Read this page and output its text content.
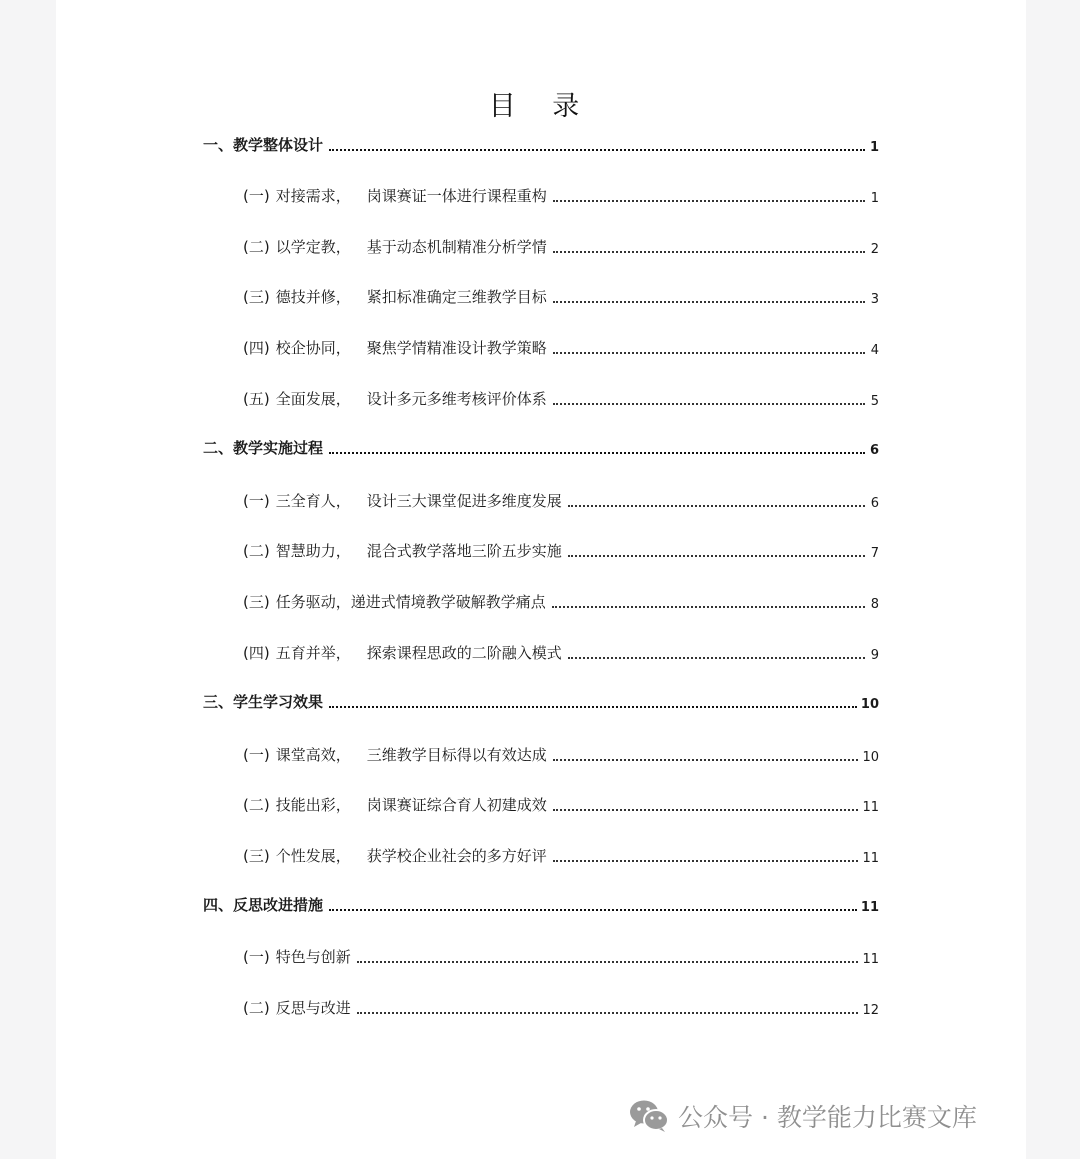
目 录
一、 教学整体设计	1
(一) 对接需求， 岗课赛证一体进行课程重构	1
(二) 以学定教， 基于动态机制精准分析学情	2
(三) 德技并修， 紧扣标准确定三维教学目标	3
(四) 校企协同， 聚焦学情精准设计教学策略	4
(五) 全面发展， 设计多元多维考核评价体系	5
二、 教学实施过程	6
(一) 三全育人， 设计三大课堂促进多维度发展	6
(二) 智慧助力， 混合式教学落地三阶五步实施	7
(三) 任务驱动， 递进式情境教学破解教学痛点	8
(四) 五育并举， 探索课程思政的二阶融入模式	9
三、 学生学习效果	10
(一) 课堂高效， 三维教学目标得以有效达成	10
(二) 技能出彩， 岗课赛证综合育人初建成效	11
(三) 个性发展， 获学校企业社会的多方好评	11
四、 反思改进措施	11
(一) 特色与创新	11
(二) 反思与改进	12
公众号 · 教学能力比赛文库
